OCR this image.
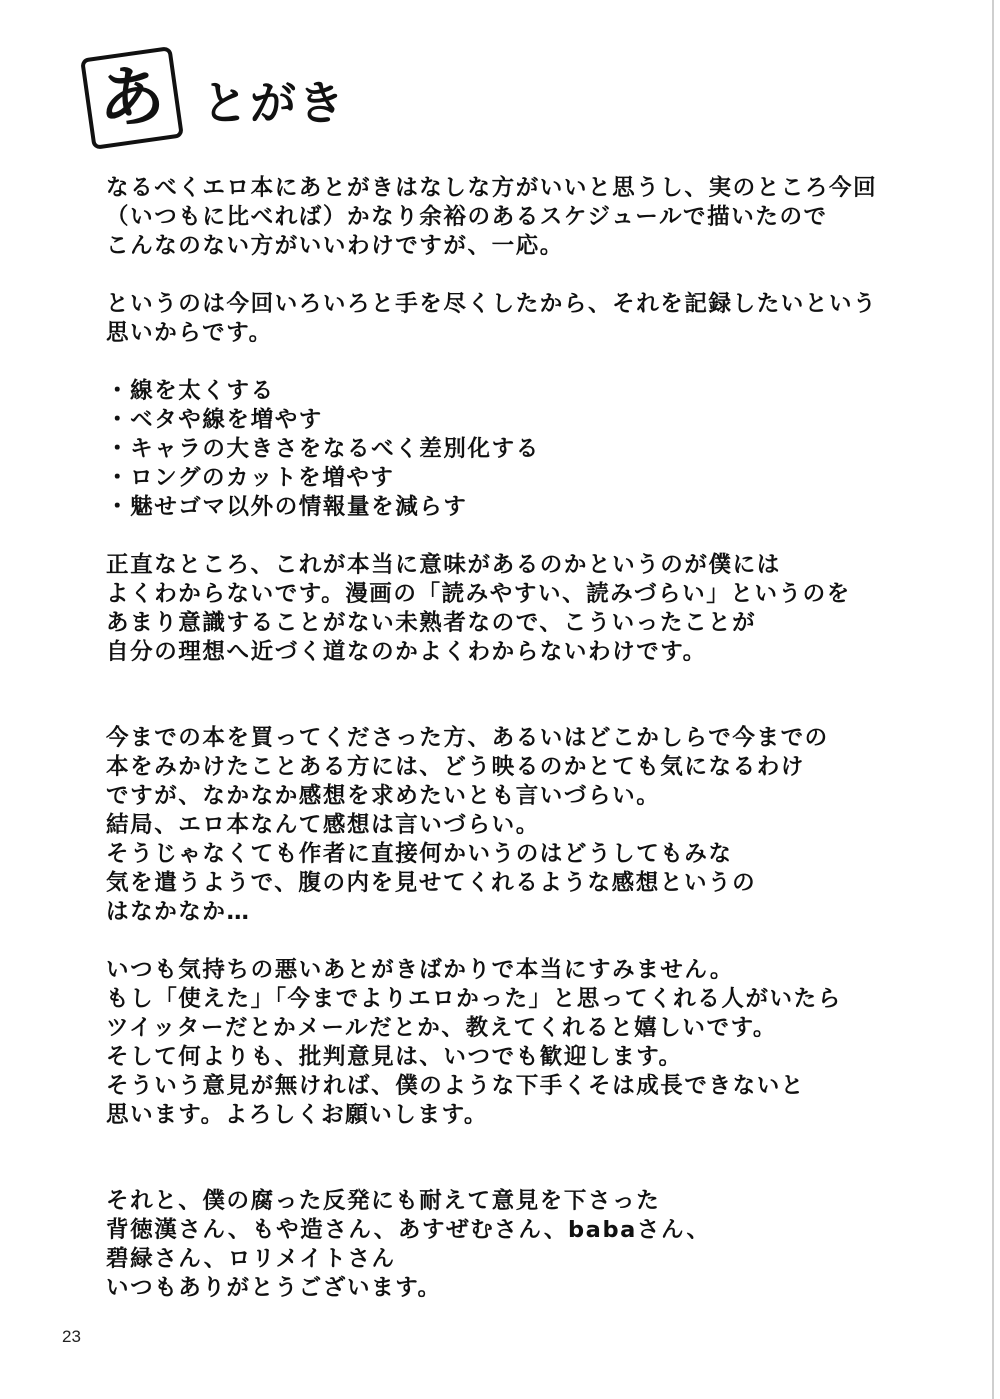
あ とがき

なるべくエロ本にあとがきはなしな方がいいと思うし、実のところ今回
（いつもに比べれば）かなり余裕のあるスケジュールで描いたので
こんなのない方がいいわけですが、一応。

というのは今回いろいろと手を尽くしたから、それを記録したいという
思いからです。

・線を太くする
・ベタや線を増やす
・キャラの大きさをなるべく差別化する
・ロングのカットを増やす
・魅せゴマ以外の情報量を減らす

正直なところ、これが本当に意味があるのかというのが僕には
よくわからないです。漫画の「読みやすい、読みづらい」というのを
あまり意識することがない未熟者なので、こういったことが
自分の理想へ近づく道なのかよくわからないわけです。

今までの本を買ってくださった方、あるいはどこかしらで今までの
本をみかけたことある方には、どう映るのかとても気になるわけ
ですが、なかなか感想を求めたいとも言いづらい。
結局、エロ本なんて感想は言いづらい。
そうじゃなくても作者に直接何かいうのはどうしてもみな
気を遣うようで、腹の内を見せてくれるような感想というの
はなかなか…

いつも気持ちの悪いあとがきばかりで本当にすみません。
もし「使えた」「今までよりエロかった」と思ってくれる人がいたら
ツイッターだとかメールだとか、教えてくれると嬉しいです。
そして何よりも、批判意見は、いつでも歓迎します。
そういう意見が無ければ、僕のような下手くそは成長できないと
思います。よろしくお願いします。

それと、僕の腐った反発にも耐えて意見を下さった
背徳漢さん、もや造さん、あすぜむさん、babaさん、
碧緑さん、ロリメイトさん
いつもありがとうございます。

23
